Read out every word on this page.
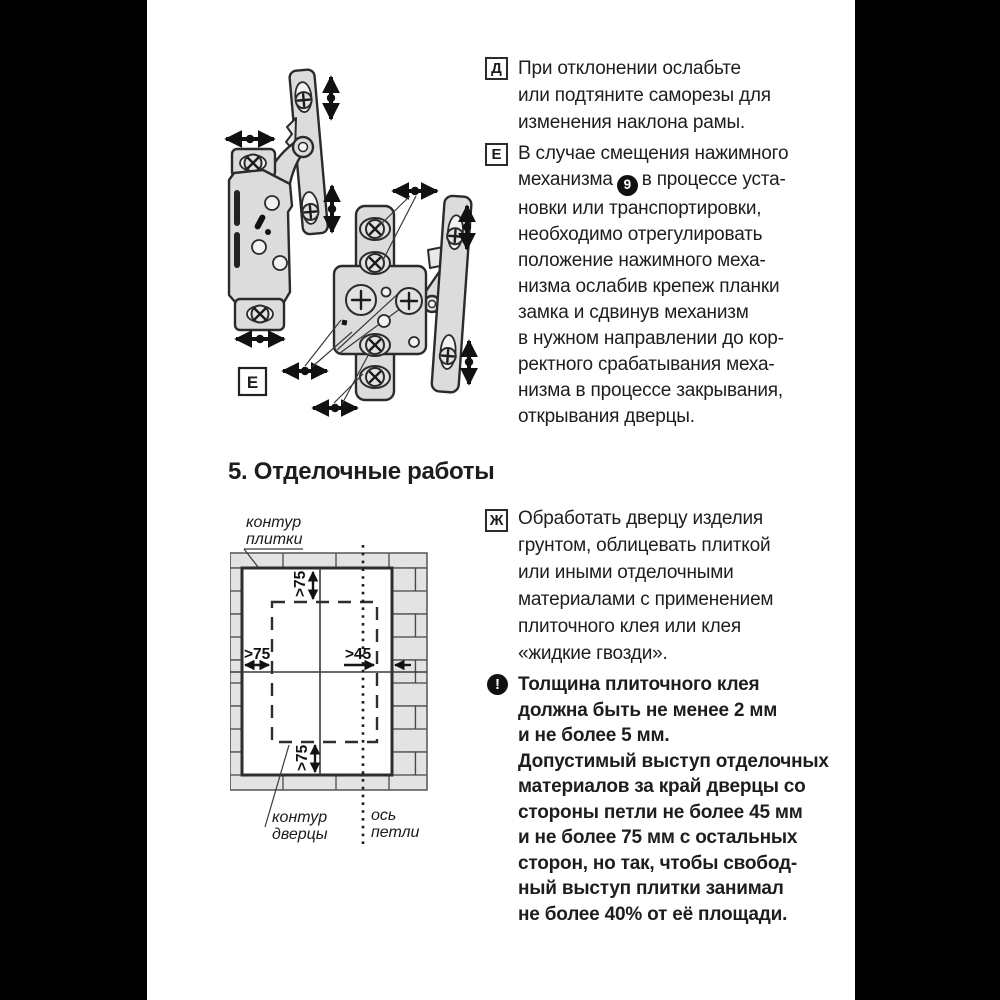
Е
Д При отклонении ослабьте
или подтяните саморезы для
изменения наклона рамы.
Е В случае смещения нажимного
механизма 9 в процессе уста-
новки или транспортировки,
необходимо отрегулировать
положение нажимного меха-
низма ослабив крепеж планки
замка и сдвинув механизм
в нужном направлении до кор-
ректного срабатывания меха-
низма в процессе закрывания,
открывания дверцы.
5. Отделочные работы
>75
>75	>45
>75
контур
плитки
контур
дверцы
ось
петли
Ж Обработать дверцу изделия
грунтом, облицевать плиткой
или иными отделочными
материалами с применением
плиточного клея или клея
«жидкие гвозди».
! Толщина плиточного клея
должна быть не менее 2 мм
и не более 5 мм.
Допустимый выступ отделочных
материалов за край дверцы со
стороны петли не более 45 мм
и не более 75 мм с остальных
сторон, но так, чтобы свобод-
ный выступ плитки занимал
не более 40% от её площади.
